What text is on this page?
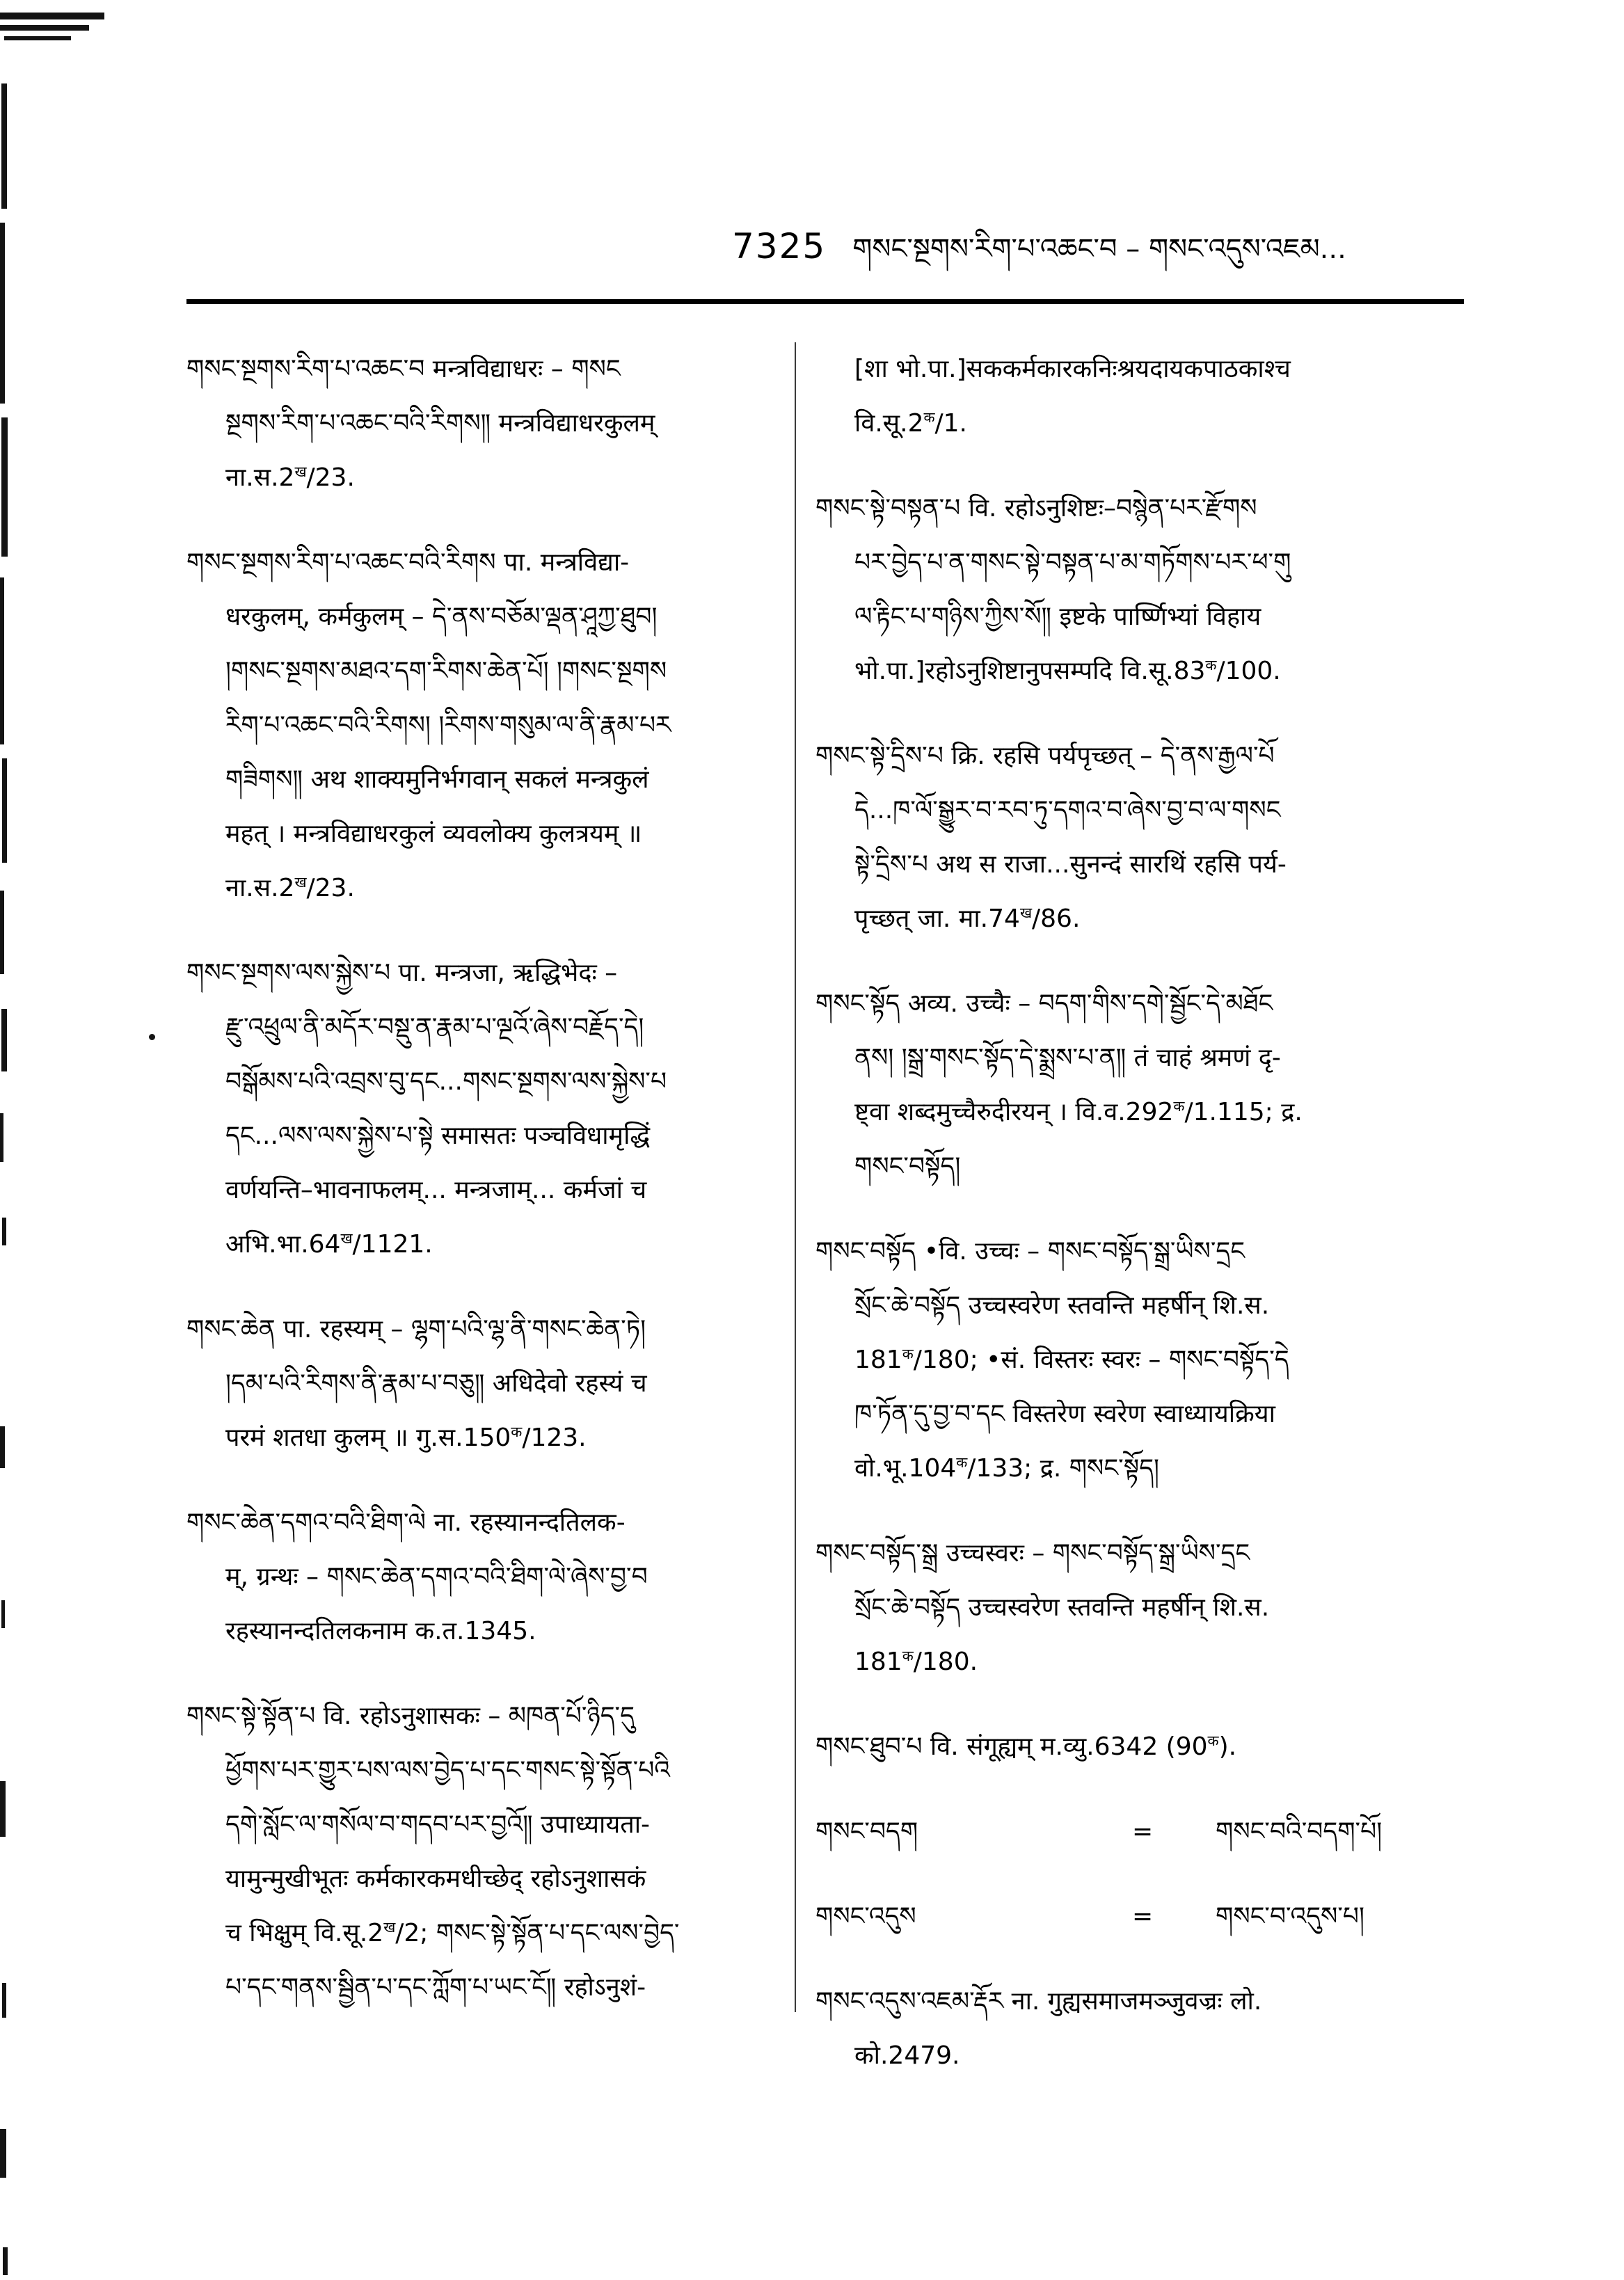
7325 གསང་སྔགས་རིག་པ་འཆང་བ – གསང་འདུས་འཇམ...
གསང་སྔགས་རིག་པ་འཆང་བ मन्त्रविद्याधरः – གསང
སྔགས་རིག་པ་འཆང་བའི་རིགས༎ मन्त्रविद्याधरकुलम्
$ना.स.2^ख/23$.
གསང་སྔགས་རིག་པ་འཆང་བའི་རིགས पा. मन्त्रविद्या-
धरकुलम्, कर्मकुलम् – དེ་ནས་བཅོམ་ལྡན་ཤཱཀྱ་ཐུབ།
།གསང་སྔགས་མཐའ་དག་རིགས་ཆེན་པོ། །གསང་སྔགས
རིག་པ་འཆང་བའི་རིགས། །རིགས་གསུམ་ལ་ནི་རྣམ་པར
གཟིགས༎ अथ शाक्यमुनिर्भगवान् सकलं मन्त्रकुलं
महत् । मन्त्रविद्याधरकुलं व्यवलोक्य कुलत्रयम् ॥
$ना.स.2^ख/23$.
གསང་སྔགས་ལས་སྐྱེས་པ पा. मन्त्रजा, ऋद्धिभेदः –
རྫུ་འཕྲུལ་ནི་མདོར་བསྡུ་ན་རྣམ་པ་ལྔའོ་ཞེས་བརྗོད་དེ།
བསྒོམས་པའི་འབྲས་བུ་དང...གསང་སྔགས་ལས་སྐྱེས་པ
དང...ལས་ལས་སྐྱེས་པ་སྟེ समासतः पञ्चविधामृद्धिं
वर्णयन्ति–भावनाफलम्... मन्त्रजाम्... कर्मजां च
$अभि.भा.64^ख/1121$.
གསང་ཆེན पा. रहस्यम् – ལྷག་པའི་ལྷ་ནི་གསང་ཆེན་ཏེ།
།དམ་པའི་རིགས་ནི་རྣམ་པ་བཅུ༎ अधिदेवो रहस्यं च
परमं शतधा कुलम् ॥ $गु.स.150^क/123$.
གསང་ཆེན་དགའ་བའི་ཐིག་ལེ ना. रहस्यानन्दतिलक-
म्, ग्रन्थः – གསང་ཆེན་དགའ་བའི་ཐིག་ལེ་ཞེས་བྱ་བ
रहस्यानन्दतिलकनाम क.त.1345.
གསང་སྟེ་སྟོན་པ वि. रहोऽनुशासकः – མཁན་པོ་ཉིད་དུ
ཕྱོགས་པར་གྱུར་པས་ལས་བྱེད་པ་དང་གསང་སྟེ་སྟོན་པའི
དགེ་སློང་ལ་གསོལ་བ་གདབ་པར་བྱའོ༎ उपाध्यायता-
यामुन्मुखीभूतः कर्मकारकमधीच्छेद् रहोऽनुशासकं
च भिक्षुम् $वि.सू.2^ख/2$; གསང་སྟེ་སྟོན་པ་དང་ལས་བྱེད་
པ་དང་གནས་སྦྱིན་པ་དང་ཀློག་པ་ཡང་ངོ༎ रहोऽनुशं-
[शा भो.पा.]सककर्मकारकनिःश्रयदायकपाठकाश्च
$वि.सू.2^क/1$.
གསང་སྟེ་བསྟན་པ वि. रहोऽनुशिष्टः–བསྙེན་པར་རྫོགས
པར་བྱེད་པ་ན་གསང་སྟེ་བསྟན་པ་མ་གཏོགས་པར་ཕ་གུ
ལ་རྟིང་པ་གཉིས་ཀྱིས་སོ༎ इष्टके पार्ष्णिभ्यां विहाय
भो.पा.]रहोऽनुशिष्टानुपसम्पदि $वि.सू.83^क/100$.
གསང་སྟེ་དྲིས་པ क्रि. रहसि पर्यपृच्छत् – དེ་ནས་རྒྱལ་པོ
དེ...ཁ་ལོ་སྒྱུར་བ་རབ་ཏུ་དགའ་བ་ཞེས་བྱ་བ་ལ་གསང
སྟེ་དྲིས་པ अथ स राजा...सुनन्दं सारथिं रहसि पर्य-
पृच्छत् जा. $मा.74^ख/86$.
གསང་སྟོད अव्य. उच्चैः – བདག་གིས་དགེ་སྦྱོང་དེ་མཐོང
ནས། །སྒྲ་གསང་སྟོད་དེ་སྨྲས་པ་ན༎ तं चाहं श्रमणं दृ-
ष्ट्वा शब्दमुच्चैरुदीरयन् । $वि.व.292^क/1.115$; द्र.
གསང་བསྟོད།
གསང་བསྟོད •वि. उच्चः – གསང་བསྟོད་སྒྲ་ཡིས་དྲང
སྲོང་ཆེ་བསྟོད उच्चस्वरेण स्तवन्ति महर्षीन् शि.स.
$181^क/180$; •सं. विस्तरः स्वरः – གསང་བསྟོད་དེ
ཁ་ཏོན་དུ་བྱ་བ་དང विस्तरेण स्वरेण स्वाध्यायक्रिया
$वो.भू.104^क/133$; द्र. གསང་སྟོད།
གསང་བསྟོད་སྒྲ उच्चस्वरः – གསང་བསྟོད་སྒྲ་ཡིས་དྲང
སྲོང་ཆེ་བསྟོད उच्चस्वरेण स्तवन्ति महर्षीन् शि.स.
$181^क/180$.
གསང་ཐུབ་པ वि. संगूह्यम् म.व्यु.6342 $(90^क)$.
གསང་བདག	=	གསང་བའི་བདག་པོ།
གསང་འདུས	=	གསང་བ་འདུས་པ།
གསང་འདུས་འཇམ་རྡོར ना. गुह्यसमाजमञ्जुवज्रः लो.
को.2479.
